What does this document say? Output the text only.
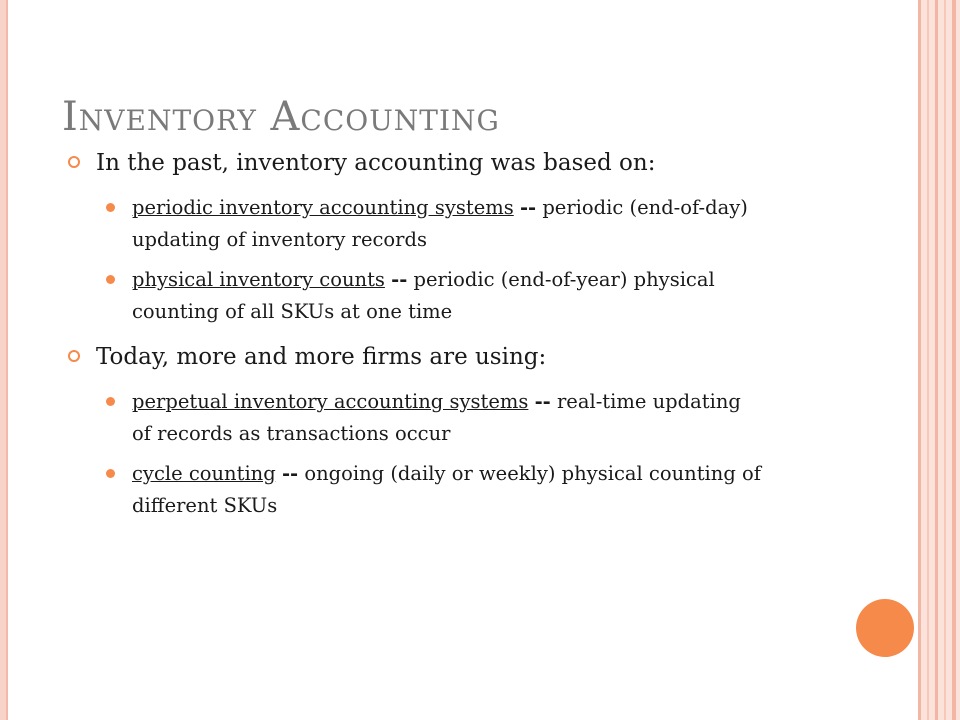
Inventory Accounting

In the past, inventory accounting was based on:

periodic inventory accounting systems -- periodic (end-of-day)
updating of inventory records

physical inventory counts -- periodic (end-of-year) physical
counting of all SKUs at one time

Today, more and more firms are using:

perpetual inventory accounting systems -- real-time updating
of records as transactions occur

cycle counting -- ongoing (daily or weekly) physical counting of
different SKUs
